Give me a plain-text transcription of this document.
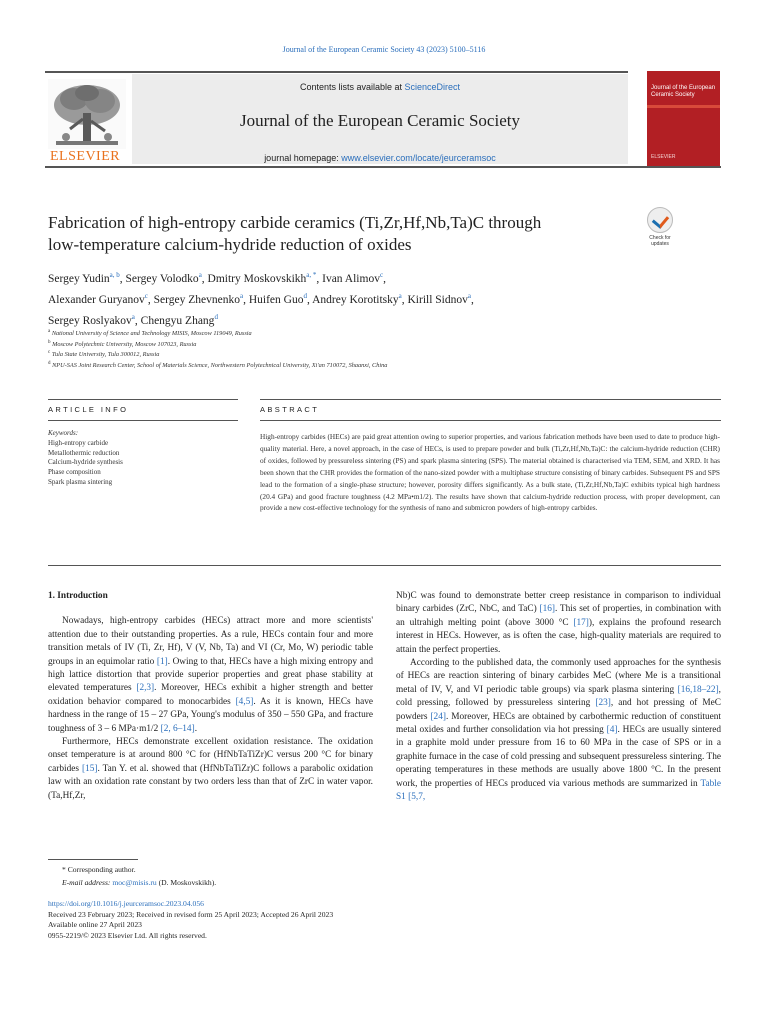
Journal of the European Ceramic Society 43 (2023) 5100–5116
ELSEVIER
Contents lists available at ScienceDirect
Journal of the European Ceramic Society
journal homepage: www.elsevier.com/locate/jeurceramsoc
Journal of the European Ceramic Society
ELSEVIER
Fabrication of high-entropy carbide ceramics (Ti,Zr,Hf,Nb,Ta)C through
low-temperature calcium-hydride reduction of oxides	Check for updates
Sergey Yudin$^{a, b}$, Sergey Volodko$^a$, Dmitry Moskovskikh$^{a, *}$, Ivan Alimov$^c$,
Alexander Guryanov$^c$, Sergey Zhevnenko$^a$, Huifen Guo$^d$, Andrey Korotitsky$^a$, Kirill Sidnov$^a$,
Sergey Roslyakov$^a$, Chengyu Zhang$^d$
$^a$ National University of Science and Technology MISIS, Moscow 119049, Russia
$^b$ Moscow Polytechnic University, Moscow 107023, Russia
$^c$ Tula State University, Tula 300012, Russia
$^d$ NPU-SAS Joint Research Center, School of Materials Science, Northwestern Polytechnical University, Xi'an 710072, Shaanxi, China
ARTICLE INFO	ABSTRACT
Keywords:
High-entropy carbide
Metallothermic reduction
Calcium-hydride synthesis
Phase composition
Spark plasma sintering
High-entropy carbides (HECs) are paid great attention owing to superior properties, and various fabrication methods have been used to date to produce high-quality material. Here, a novel approach, in the case of HECs, is used to prepare powder and bulk (Ti,Zr,Hf,Nb,Ta)C: the calcium-hydride reduction (CHR) of oxides, followed by pressureless sintering (PS) and spark plasma sintering (SPS). The material obtained is characterised via TEM, SEM, and XRD. It has been shown that the CHR provides the formation of the nano-sized powder with a multiphase structure consisting of binary carbides. Subsequent PS and SPS lead to the formation of a single-phase structure; however, porosity differs significantly. As a bulk state, (Ti,Zr,Hf,Nb,Ta)C exhibits typical high hardness (20.4 GPa) and good fracture toughness (4.2 MPa•m1/2). The results have shown that calcium-hydride reduction process, with proper development, can provide a new cost-effective technology for the synthesis of nano and submicron powders of high-entropy carbides.

1. Introduction

Nowadays, high-entropy carbides (HECs) attract more and more scientists' attention due to their outstanding properties. As a rule, HECs contain four and more transition metals of IV (Ti, Zr, Hf), V (V, Nb, Ta) and VI (Cr, Mo, W) periodic table groups in an equimolar ratio [1]. Owing to that, HECs have a high mixing entropy and high lattice distortion that provide superior properties and great phase stability at elevated temperatures [2,3]. Moreover, HECs exhibit a higher strength and better oxidation behavior compared to monocarbides [4,5]. As it is known, HECs have hardness in the range of 15 – 27 GPa, Young's modulus of 350 – 550 GPa, and fracture toughness of 3 – 6 MPa·m1/2 [2, 6–14].

Furthermore, HECs demonstrate excellent oxidation resistance. The oxidation onset temperature is at around 800 °C for (HfNbTaTiZr)C versus 200 °C for binary carbides [15]. Tan Y. et al. showed that (HfNbTaTiZr)C follows a parabolic oxidation law with an oxidation rate constant by two orders less than that of ZrC in water vapor. (Ta,Hf,Zr,

Nb)C was found to demonstrate better creep resistance in comparison to individual binary carbides (ZrC, NbC, and TaC) [16]. This set of properties, in combination with an ultrahigh melting point (above 3000 °C [17]), explains the profound research interest in HECs. However, as is often the case, high-quality materials are required to attain the perfect properties.

According to the published data, the commonly used approaches for the synthesis of HECs are reaction sintering of binary carbides MeC (where Me is a transitional metal of IV, V, and VI periodic table groups) via spark plasma sintering [16,18–22], cold pressing, followed by pressureless sintering [23], and hot pressing of MeC powders [24]. Moreover, HECs are obtained by carbothermic reduction of constituent metal oxides and further consolidation via hot pressing [4]. HECs are usually sintered in a graphite mold under pressure from 16 to 60 MPa in the case of SPS or in a graphite furnace in the case of cold pressing and subsequent pressureless sintering. The operating temperatures in these methods are usually above 1800 °C. In the present work, the properties of HECs produced via various methods are summarized in Table S1 [5,7,

* Corresponding author.
E-mail address: moc@misis.ru (D. Moskovskikh).
https://doi.org/10.1016/j.jeurceramsoc.2023.04.056
Received 23 February 2023; Received in revised form 25 April 2023; Accepted 26 April 2023
Available online 27 April 2023
0955-2219/© 2023 Elsevier Ltd. All rights reserved.
